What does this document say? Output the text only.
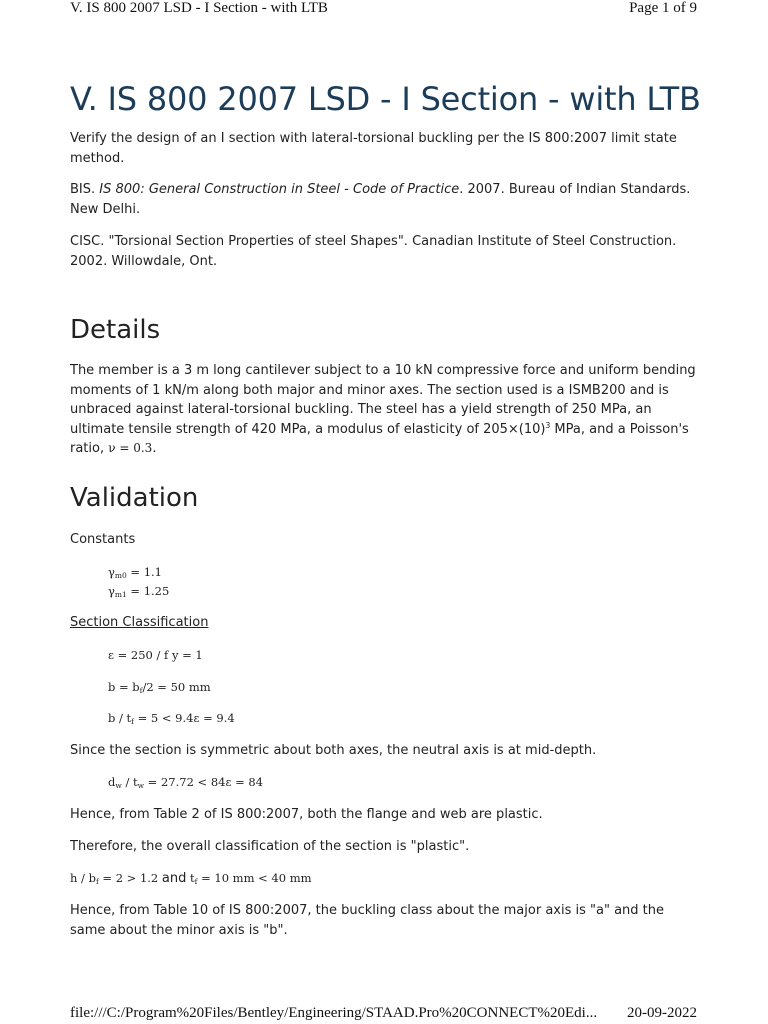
V. IS 800 2007 LSD - I Section - with LTB	Page 1 of 9
V. IS 800 2007 LSD - I Section - with LTB

Verify the design of an I section with lateral-torsional buckling per the IS 800:2007 limit state method.

BIS. IS 800: General Construction in Steel - Code of Practice. 2007. Bureau of Indian Standards. New Delhi.

CISC. "Torsional Section Properties of steel Shapes". Canadian Institute of Steel Construction. 2002. Willowdale, Ont.

Details

The member is a 3 m long cantilever subject to a 10 kN compressive force and uniform bending moments of 1 kN/m along both major and minor axes. The section used is a ISMB200 and is unbraced against lateral-torsional buckling. The steel has a yield strength of 250 MPa, an ultimate tensile strength of 420 MPa, a modulus of elasticity of $205\times(10)^3$ MPa, and a Poisson's ratio, ν = 0.3.

Validation

Constants

$\gamma_{m0} = 1.1$
$\gamma_{m1} = 1.25$

Section Classification

ε = 250 / f y = 1
$b = b_f/2 = 50$ mm
$b / t_f = 5 < 9.4\varepsilon = 9.4$

Since the section is symmetric about both axes, the neutral axis is at mid-depth.

$d_w / t_w = 27.72 < 84\varepsilon = 84$

Hence, from Table 2 of IS 800:2007, both the flange and web are plastic.

Therefore, the overall classification of the section is "plastic".

$h / b_f = 2 > 1.2$ and $t_f = 10$ mm < 40 mm

Hence, from Table 10 of IS 800:2007, the buckling class about the major axis is "a" and the same about the minor axis is "b".

file:///C:/Program%20Files/Bentley/Engineering/STAAD.Pro%20CONNECT%20Edi...	20-09-2022
